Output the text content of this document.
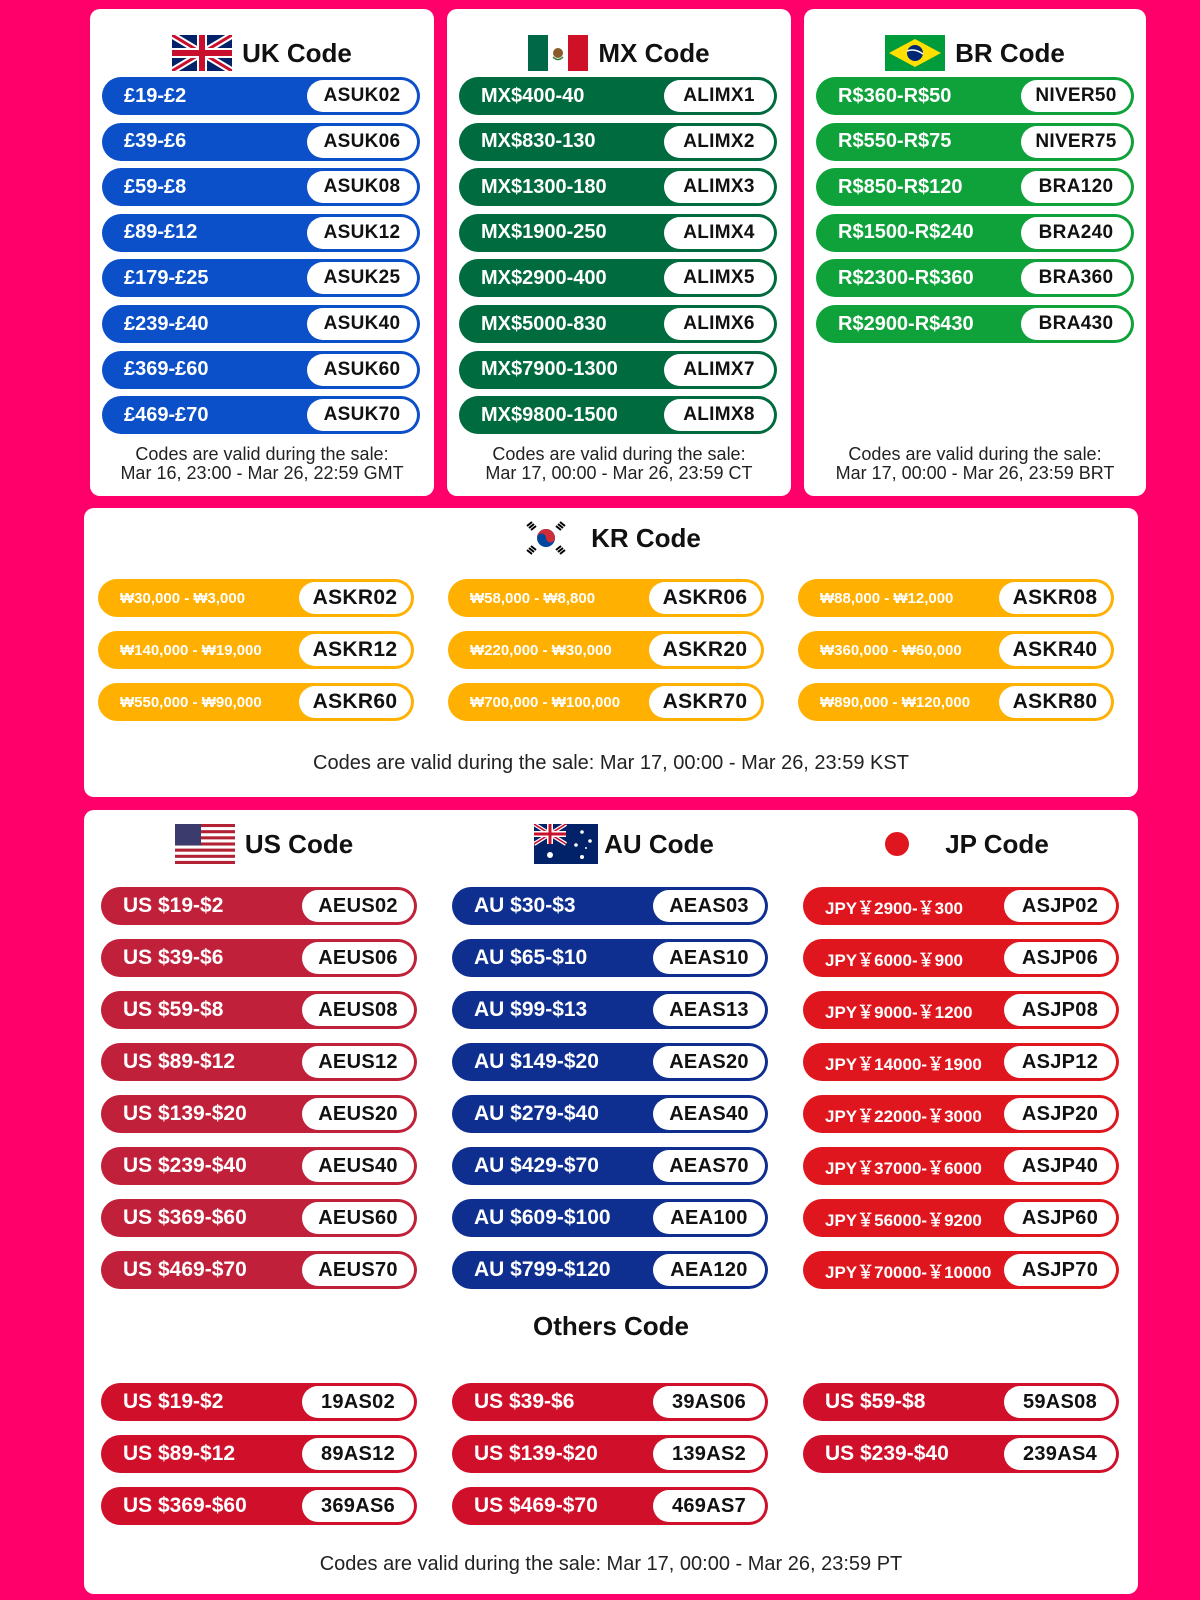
UK Code
£19-£2	ASUK02
£39-£6	ASUK06
£59-£8	ASUK08
£89-£12	ASUK12
£179-£25	ASUK25
£239-£40	ASUK40
£369-£60	ASUK60
£469-£70	ASUK70
Codes are valid during the sale:
Mar 16, 23:00 - Mar 26, 22:59 GMT
MX Code
MX$400-40	ALIMX1
MX$830-130	ALIMX2
MX$1300-180	ALIMX3
MX$1900-250	ALIMX4
MX$2900-400	ALIMX5
MX$5000-830	ALIMX6
MX$7900-1300	ALIMX7
MX$9800-1500	ALIMX8
Codes are valid during the sale:
Mar 17, 00:00 - Mar 26, 23:59 CT
BR Code
R$360-R$50	NIVER50
R$550-R$75	NIVER75
R$850-R$120	BRA120
R$1500-R$240	BRA240
R$2300-R$360	BRA360
R$2900-R$430	BRA430
Codes are valid during the sale:
Mar 17, 00:00 - Mar 26, 23:59 BRT
KR Code
₩30,000 - ₩3,000	ASKR02	₩58,000 - ₩8,800	ASKR06	₩88,000 - ₩12,000	ASKR08
₩140,000 - ₩19,000	ASKR12	₩220,000 - ₩30,000	ASKR20	₩360,000 - ₩60,000	ASKR40
₩550,000 - ₩90,000	ASKR60	₩700,000 - ₩100,000	ASKR70	₩890,000 - ₩120,000	ASKR80
Codes are valid during the sale: Mar 17, 00:00 - Mar 26, 23:59 KST
US Code	AU Code	JP Code
US $19-$2	AEUS02
US $39-$6	AEUS06
US $59-$8	AEUS08
US $89-$12	AEUS12
US $139-$20	AEUS20
US $239-$40	AEUS40
US $369-$60	AEUS60
US $469-$70	AEUS70
AU $30-$3	AEAS03
AU $65-$10	AEAS10
AU $99-$13	AEAS13
AU $149-$20	AEAS20
AU $279-$40	AEAS40
AU $429-$70	AEAS70
AU $609-$100	AEA100
AU $799-$120	AEA120
JPY￥2900-￥300	ASJP02
JPY￥6000-￥900	ASJP06
JPY￥9000-￥1200	ASJP08
JPY￥14000-￥1900	ASJP12
JPY￥22000-￥3000	ASJP20
JPY￥37000-￥6000	ASJP40
JPY￥56000-￥9200	ASJP60
JPY￥70000-￥10000	ASJP70
Others Code
US $19-$2	19AS02	US $39-$6	39AS06	US $59-$8	59AS08
US $89-$12	89AS12	US $139-$20	139AS2	US $239-$40	239AS4
US $369-$60	369AS6	US $469-$70	469AS7
Codes are valid during the sale: Mar 17, 00:00 - Mar 26, 23:59 PT
